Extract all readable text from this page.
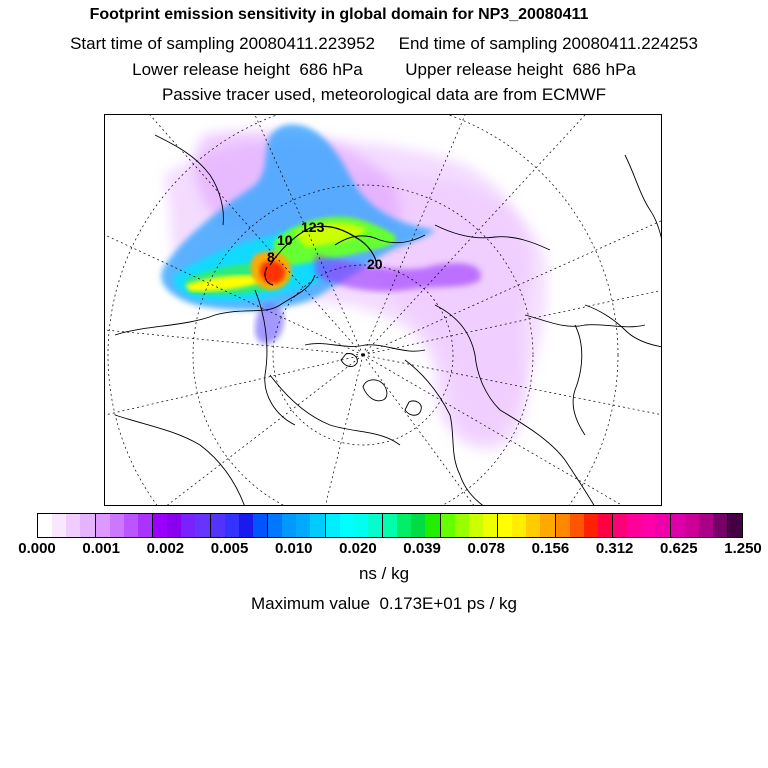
Footprint emission sensitivity in global domain for NP3_20080411
Start time of sampling 20080411.223952     End time of sampling 20080411.224253
Lower release height  686 hPa         Upper release height  686 hPa
Passive tracer used, meteorological data are from ECMWF
123
10
8	20
0.000 0.001 0.002 0.005 0.010 0.020 0.039 0.078 0.156 0.312 0.625 1.250
ns / kg
Maximum value  0.173E+01 ps / kg
